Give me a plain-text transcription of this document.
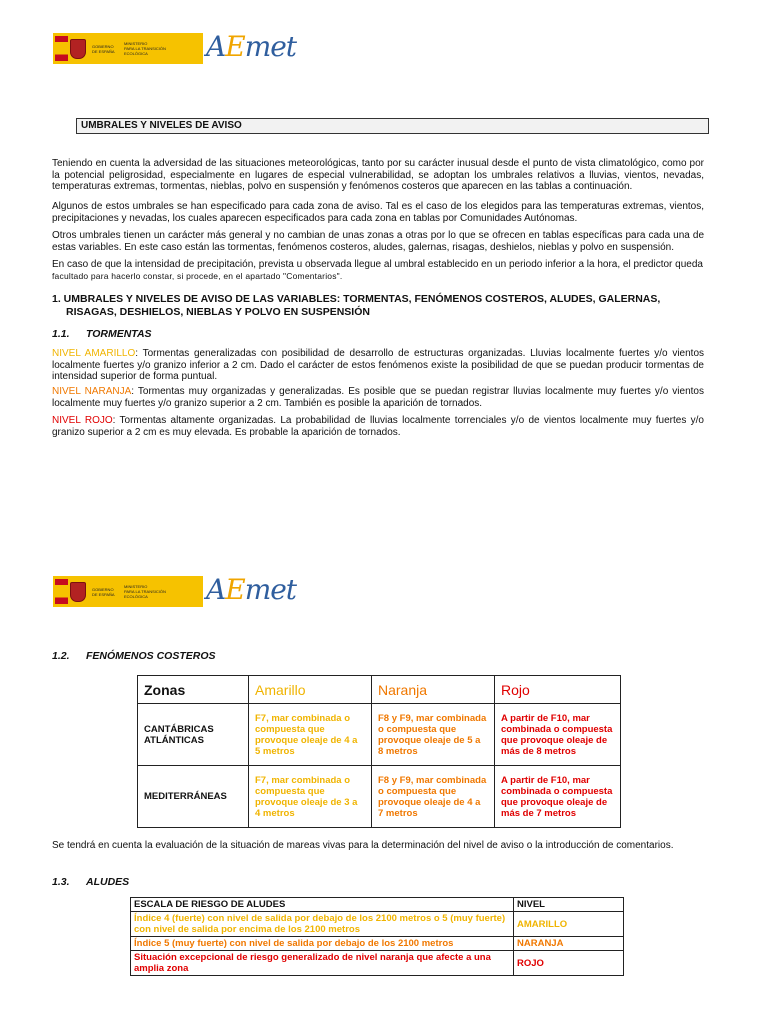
GOBIERNO
DE ESPAÑA
MINISTERIO
PARA LA TRANSICIÓN ECOLÓGICA	AEmet
UMBRALES Y NIVELES DE AVISO
Teniendo en cuenta la adversidad de las situaciones meteorológicas, tanto por su carácter inusual desde el punto de vista climatológico, como por la potencial peligrosidad, especialmente en lugares de especial vulnerabilidad, se adoptan los umbrales relativos a lluvias, vientos, nevadas, temperaturas extremas, tormentas, nieblas, polvo en suspensión y fenómenos costeros que aparecen en las tablas a continuación.
Algunos de estos umbrales se han especificado para cada zona de aviso. Tal es el caso de los elegidos para las temperaturas extremas, vientos, precipitaciones y nevadas, los cuales aparecen especificados para cada zona en tablas por Comunidades Autónomas.
Otros umbrales tienen un carácter más general y no cambian de unas zonas a otras por lo que se ofrecen en tablas específicas para cada una de estas variables. En este caso están las tormentas, fenómenos costeros, aludes, galernas, risagas, deshielos, nieblas y polvo en suspensión.
En caso de que la intensidad de precipitación, prevista u observada llegue al umbral establecido en un periodo inferior a la hora, el predictor queda
facultado para hacerlo constar, si procede, en el apartado "Comentarios".
1. UMBRALES Y NIVELES DE AVISO DE LAS VARIABLES: TORMENTAS, FENÓMENOS COSTEROS, ALUDES, GALERNAS,
RISAGAS, DESHIELOS, NIEBLAS Y POLVO EN SUSPENSIÓN
1.1. TORMENTAS
NIVEL AMARILLO: Tormentas generalizadas con posibilidad de desarrollo de estructuras organizadas. Lluvias localmente fuertes y/o vientos localmente fuertes y/o granizo inferior a 2 cm. Dado el carácter de estos fenómenos existe la posibilidad de que se puedan producir tormentas de intensidad superior de forma puntual.
NIVEL NARANJA: Tormentas muy organizadas y generalizadas. Es posible que se puedan registrar lluvias localmente muy fuertes y/o vientos localmente muy fuertes y/o granizo superior a 2 cm. También es posible la aparición de tornados.
NIVEL ROJO: Tormentas altamente organizadas. La probabilidad de lluvias localmente torrenciales y/o de vientos localmente muy fuertes y/o granizo superior a 2 cm es muy elevada. Es probable la aparición de tornados.
GOBIERNO
DE ESPAÑA
MINISTERIO
PARA LA TRANSICIÓN ECOLÓGICA	AEmet
1.2. FENÓMENOS COSTEROS
Zonas	Amarillo	Naranja	Rojo

CANTÁBRICAS
ATLÁNTICAS	F7, mar combinada o compuesta que provoque oleaje de 4 a 5 metros	F8 y F9, mar combinada o compuesta que provoque oleaje de 5 a 8 metros	A partir de F10, mar combinada o compuesta que provoque oleaje de más de 8 metros

MEDITERRÁNEAS	F7, mar combinada o compuesta que provoque oleaje de 3 a 4 metros	F8 y F9, mar combinada o compuesta que provoque oleaje de 4 a 7 metros	A partir de F10, mar combinada o compuesta que provoque oleaje de más de 7 metros
Se tendrá en cuenta la evaluación de la situación de mareas vivas para la determinación del nivel de aviso o la introducción de comentarios.
1.3. ALUDES
ESCALA DE RIESGO DE ALUDES	NIVEL
Índice 4 (fuerte) con nivel de salida por debajo de los 2100 metros o 5 (muy fuerte) con nivel de salida por encima de los 2100 metros	AMARILLO
Índice 5 (muy fuerte) con nivel de salida por debajo de los 2100 metros	NARANJA
Situación excepcional de riesgo generalizado de nivel naranja que afecte a una amplia zona	ROJO
